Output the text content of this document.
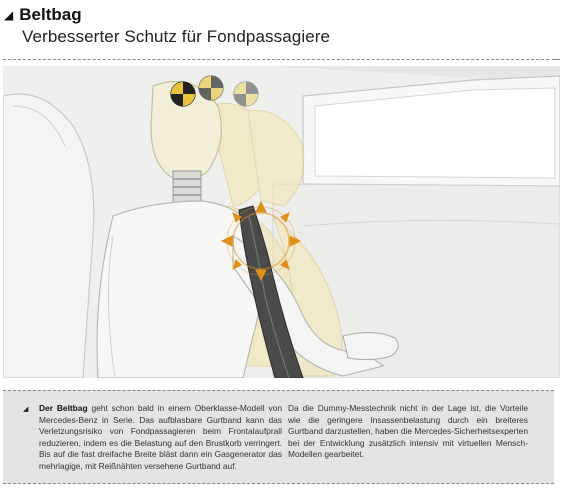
◢ Beltbag
Verbesserter Schutz für Fondpassagiere
◢ Der Beltbag geht schon bald in einem Oberklasse-Modell von Mercedes-Benz in Serie. Das aufblasbare Gurtband kann das Verletzungsrisiko von Fondpassagieren beim Frontalaufprall reduzieren, indem es die Belastung auf den Brustkorb verringert. Bis auf die fast dreifache Breite bläst dann ein Gasgenerator das mehrlagige, mit Reißnähten versehene Gurtband auf.
Da die Dummy-Messtechnik nicht in der Lage ist, die Vorteile wie die geringere Insassenbelastung durch ein breiteres Gurtband darzustellen, haben die Mercedes-Sicherheitsexperten bei der Entwicklung zusätzlich intensiv mit virtuellen Mensch-Modellen gearbeitet.
